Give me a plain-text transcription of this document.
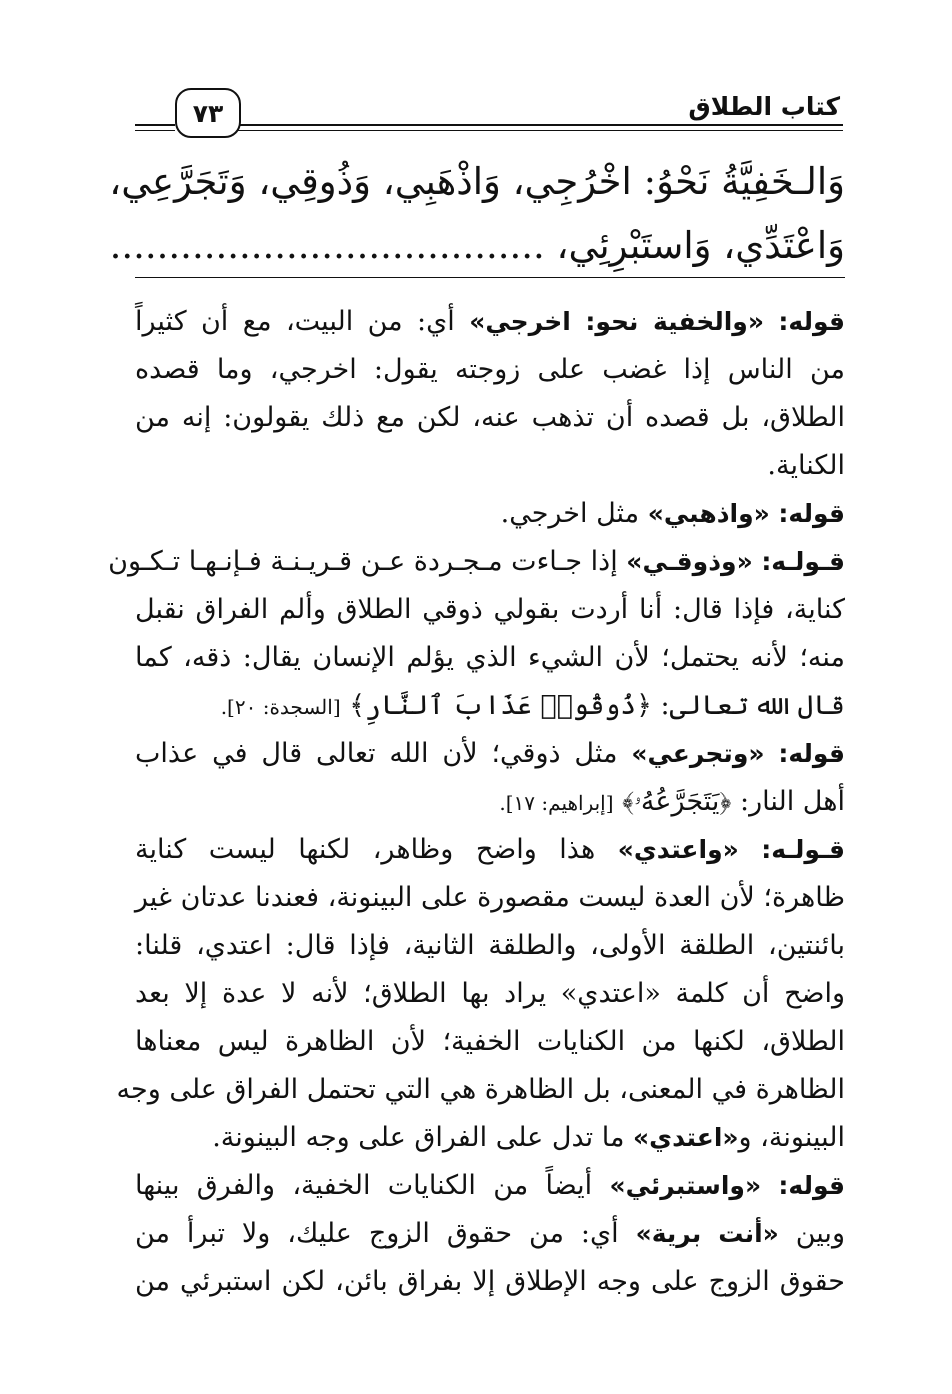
كتاب الطلاق
٧٣
وَالـخَفِيَّةُ نَحْوُ: اخْرُجِي، وَاذْهَبِي، وَذُوقِي، وَتَجَرَّعِي،
وَاعْتَدِّي، وَاستَبْرِئِي، .....................................
قوله: «والخفية نحو: اخرجي» أي: من البيت، مع أن كثيراً
من الناس إذا غضب على زوجته يقول: اخرجي، وما قصده
الطلاق، بل قصده أن تذهب عنه، لكن مع ذلك يقولون: إنه من
الكناية.
قوله: «واذهبي» مثل اخرجي.
قـولـه: «وذوقـي» إذا جـاءت مـجـردة عـن قـريـنـة فـإنـهـا تـكـون
كناية، فإذا قال: أنا أردت بقولي ذوقي الطلاق وألم الفراق نقبل
منه؛ لأنه يحتمل؛ لأن الشيء الذي يؤلم الإنسان يقال: ذقه، كما
قال الله تعالى: ﴿ذُوقُوا۟ عَذَابَ ٱلنَّارِ﴾ [السجدة: ٢٠].
قوله: «وتجرعي» مثل ذوقي؛ لأن الله تعالى قال في عذاب
أهل النار: ﴿يَتَجَرَّعُهُۥ﴾ [إبراهيم: ١٧].
قـولـه: «واعتدي» هذا واضح وظاهر، لكنها ليست كناية
ظاهرة؛ لأن العدة ليست مقصورة على البينونة، فعندنا عدتان غير
بائنتين، الطلقة الأولى، والطلقة الثانية، فإذا قال: اعتدي، قلنا:
واضح أن كلمة «اعتدي» يراد بها الطلاق؛ لأنه لا عدة إلا بعد
الطلاق، لكنها من الكنايات الخفية؛ لأن الظاهرة ليس معناها
الظاهرة في المعنى، بل الظاهرة هي التي تحتمل الفراق على وجه
البينونة، و«اعتدي» ما تدل على الفراق على وجه البينونة.
قوله: «واستبرئي» أيضاً من الكنايات الخفية، والفرق بينها
وبين «أنت برية» أي: من حقوق الزوج عليك، ولا تبرأ من
حقوق الزوج على وجه الإطلاق إلا بفراق بائن، لكن استبرئي من
